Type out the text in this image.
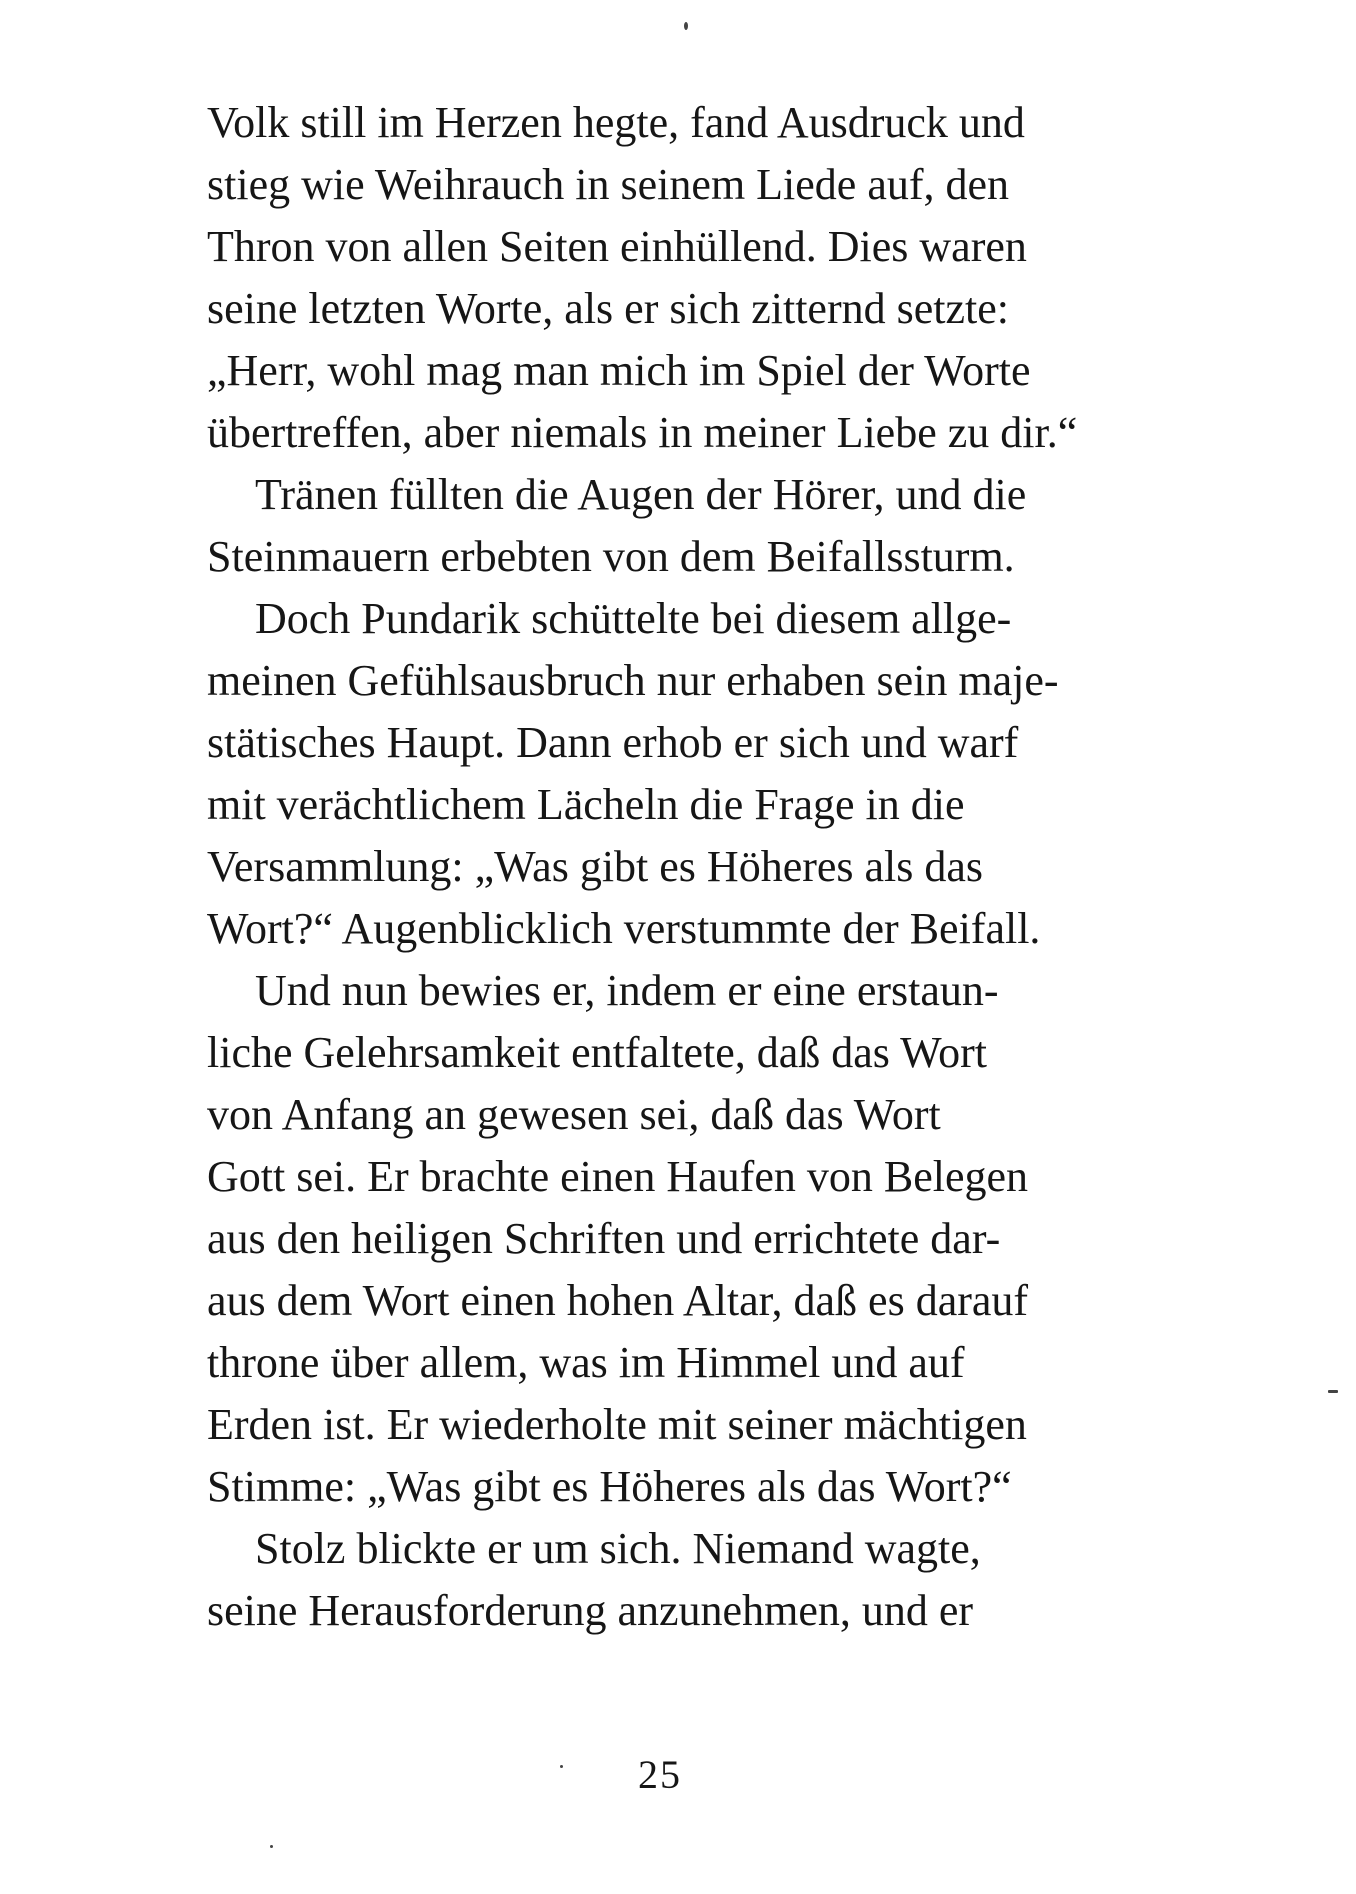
Volk still im Herzen hegte, fand Ausdruck und
stieg wie Weihrauch in seinem Liede auf, den
Thron von allen Seiten einhüllend. Dies waren
seine letzten Worte, als er sich zitternd setzte:
„Herr, wohl mag man mich im Spiel der Worte
übertreffen, aber niemals in meiner Liebe zu dir.“

Tränen füllten die Augen der Hörer, und die
Steinmauern erbebten von dem Beifallssturm.

Doch Pundarik schüttelte bei diesem allge-
meinen Gefühlsausbruch nur erhaben sein maje-
stätisches Haupt. Dann erhob er sich und warf
mit verächtlichem Lächeln die Frage in die
Versammlung: „Was gibt es Höheres als das
Wort?“ Augenblicklich verstummte der Beifall.

Und nun bewies er, indem er eine erstaun-
liche Gelehrsamkeit entfaltete, daß das Wort
von Anfang an gewesen sei, daß das Wort
Gott sei. Er brachte einen Haufen von Belegen
aus den heiligen Schriften und errichtete dar-
aus dem Wort einen hohen Altar, daß es darauf
throne über allem, was im Himmel und auf
Erden ist. Er wiederholte mit seiner mächtigen
Stimme: „Was gibt es Höheres als das Wort?“

Stolz blickte er um sich. Niemand wagte,
seine Herausforderung anzunehmen, und er

25
